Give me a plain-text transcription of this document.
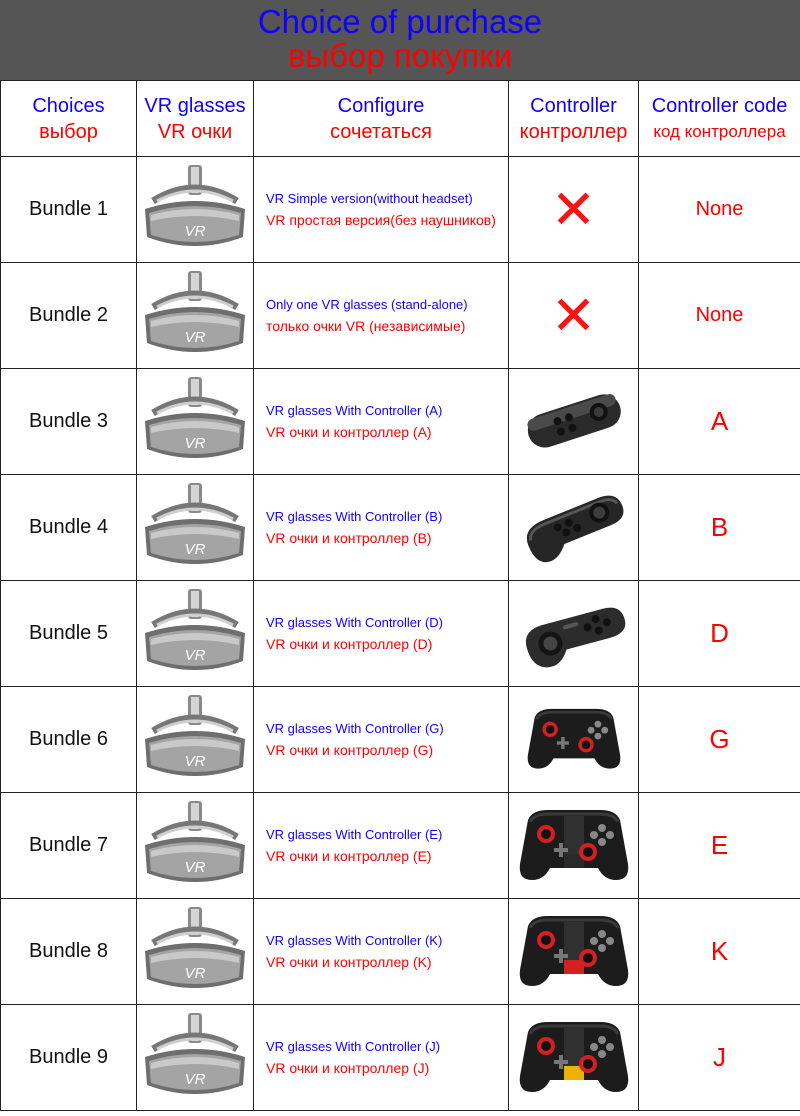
Choice of purchase
выбор покупки
Choices
выбор	VR glasses
VR очки	Configure
сочетаться	Controller
контроллер	Controller code
код контроллера

Bundle 1	VR	VR Simple version(without headset)
VR простая версия(без наушников)	✕	None
Bundle 2	VR	Only one VR glasses (stand-alone)
только очки VR (независимые)	✕	None
Bundle 3	VR	VR glasses With Controller (A)
VR очки и контроллер (A)		A
Bundle 4	VR	VR glasses With Controller (B)
VR очки и контроллер (B)		B
Bundle 5	VR	VR glasses With Controller (D)
VR очки и контроллер (D)		D
Bundle 6	VR	VR glasses With Controller (G)
VR очки и контроллер (G)		G
Bundle 7	VR	VR glasses With Controller (E)
VR очки и контроллер (E)		E
Bundle 8	VR	VR glasses With Controller (K)
VR очки и контроллер (K)		K
Bundle 9	VR	VR glasses With Controller (J)
VR очки и контроллер (J)		J
